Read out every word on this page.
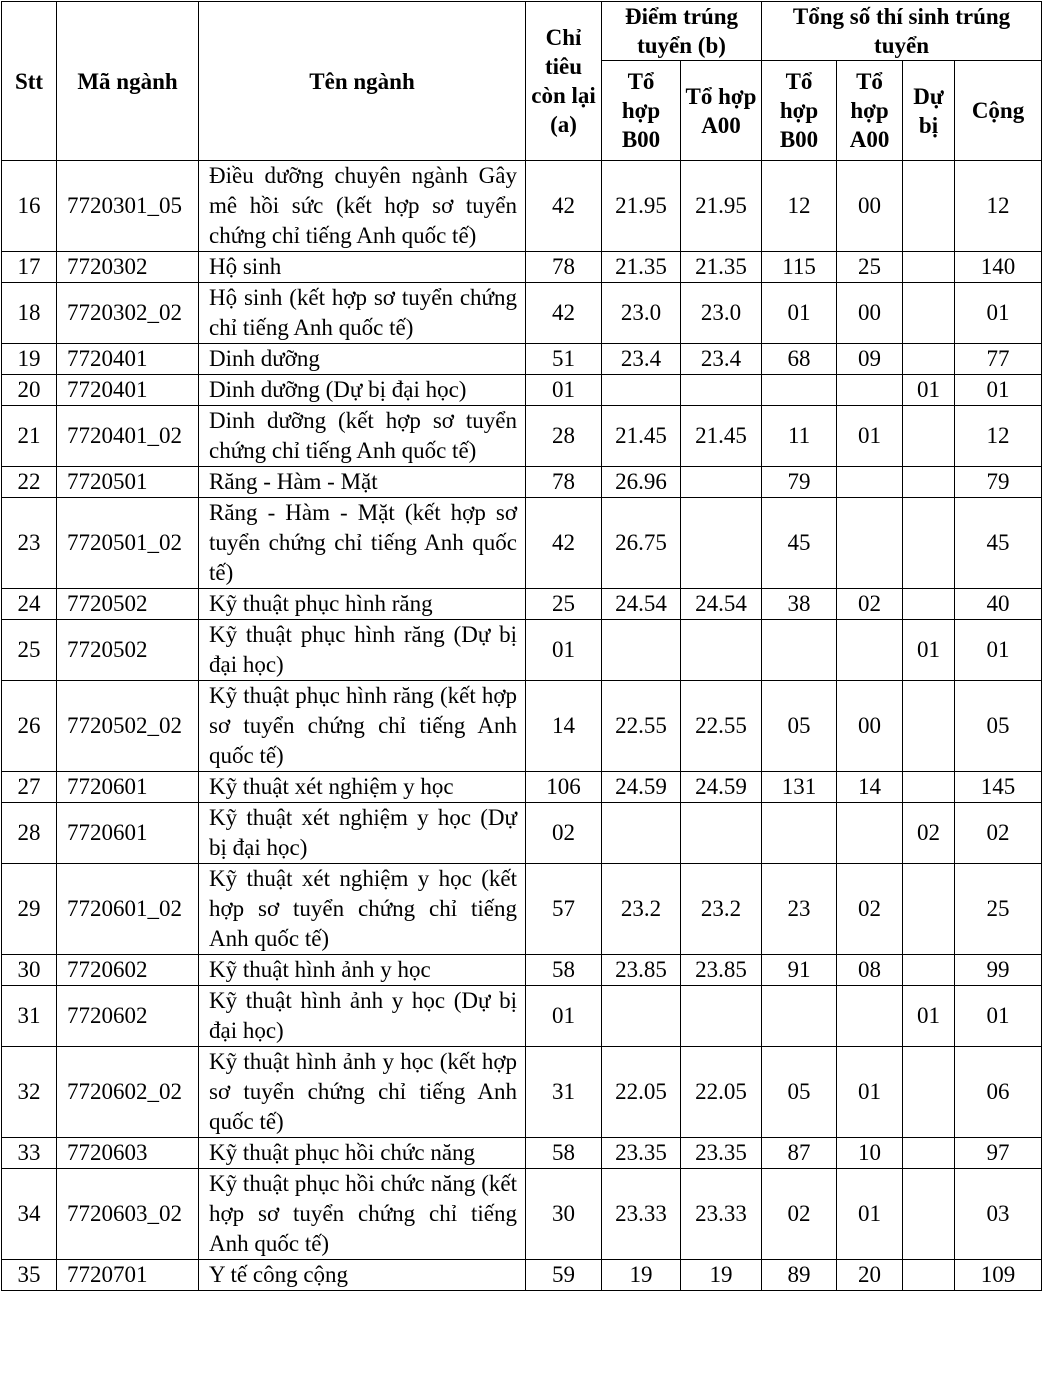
Stt	Mã ngành	Tên ngành	Chỉ tiêu còn lại (a)	Điểm trúng tuyển (b)		Tổng số thí sinh trúng tuyển			
				Tổ hợp B00	Tổ hợp A00	Tổ hợp B00	Tổ hợp A00	Dự bị	Cộng
16	7720301_05	Điều dưỡng chuyên ngành Gây mê hồi sức (kết hợp sơ tuyển chứng chỉ tiếng Anh quốc tế)	42	21.95	21.95	12	00		12
17	7720302	Hộ sinh	78	21.35	21.35	115	25		140
18	7720302_02	Hộ sinh (kết hợp sơ tuyển chứng chỉ tiếng Anh quốc tế)	42	23.0	23.0	01	00		01
19	7720401	Dinh dưỡng	51	23.4	23.4	68	09		77
20	7720401	Dinh dưỡng (Dự bị đại học)	01					01	01
21	7720401_02	Dinh dưỡng (kết hợp sơ tuyển chứng chỉ tiếng Anh quốc tế)	28	21.45	21.45	11	01		12
22	7720501	Răng - Hàm - Mặt	78	26.96		79			79
23	7720501_02	Răng - Hàm - Mặt (kết hợp sơ tuyển chứng chỉ tiếng Anh quốc tế)	42	26.75		45			45
24	7720502	Kỹ thuật phục hình răng	25	24.54	24.54	38	02		40
25	7720502	Kỹ thuật phục hình răng (Dự bị đại học)	01					01	01
26	7720502_02	Kỹ thuật phục hình răng (kết hợp sơ tuyển chứng chỉ tiếng Anh quốc tế)	14	22.55	22.55	05	00		05
27	7720601	Kỹ thuật xét nghiệm y học	106	24.59	24.59	131	14		145
28	7720601	Kỹ thuật xét nghiệm y học (Dự bị đại học)	02					02	02
29	7720601_02	Kỹ thuật xét nghiệm y học (kết hợp sơ tuyển chứng chỉ tiếng Anh quốc tế)	57	23.2	23.2	23	02		25
30	7720602	Kỹ thuật hình ảnh y học	58	23.85	23.85	91	08		99
31	7720602	Kỹ thuật hình ảnh y học (Dự bị đại học)	01					01	01
32	7720602_02	Kỹ thuật hình ảnh y học (kết hợp sơ tuyển chứng chỉ tiếng Anh quốc tế)	31	22.05	22.05	05	01		06
33	7720603	Kỹ thuật phục hồi chức năng	58	23.35	23.35	87	10		97
34	7720603_02	Kỹ thuật phục hồi chức năng (kết hợp sơ tuyển chứng chỉ tiếng Anh quốc tế)	30	23.33	23.33	02	01		03
35	7720701	Y tế công cộng	59	19	19	89	20		109
